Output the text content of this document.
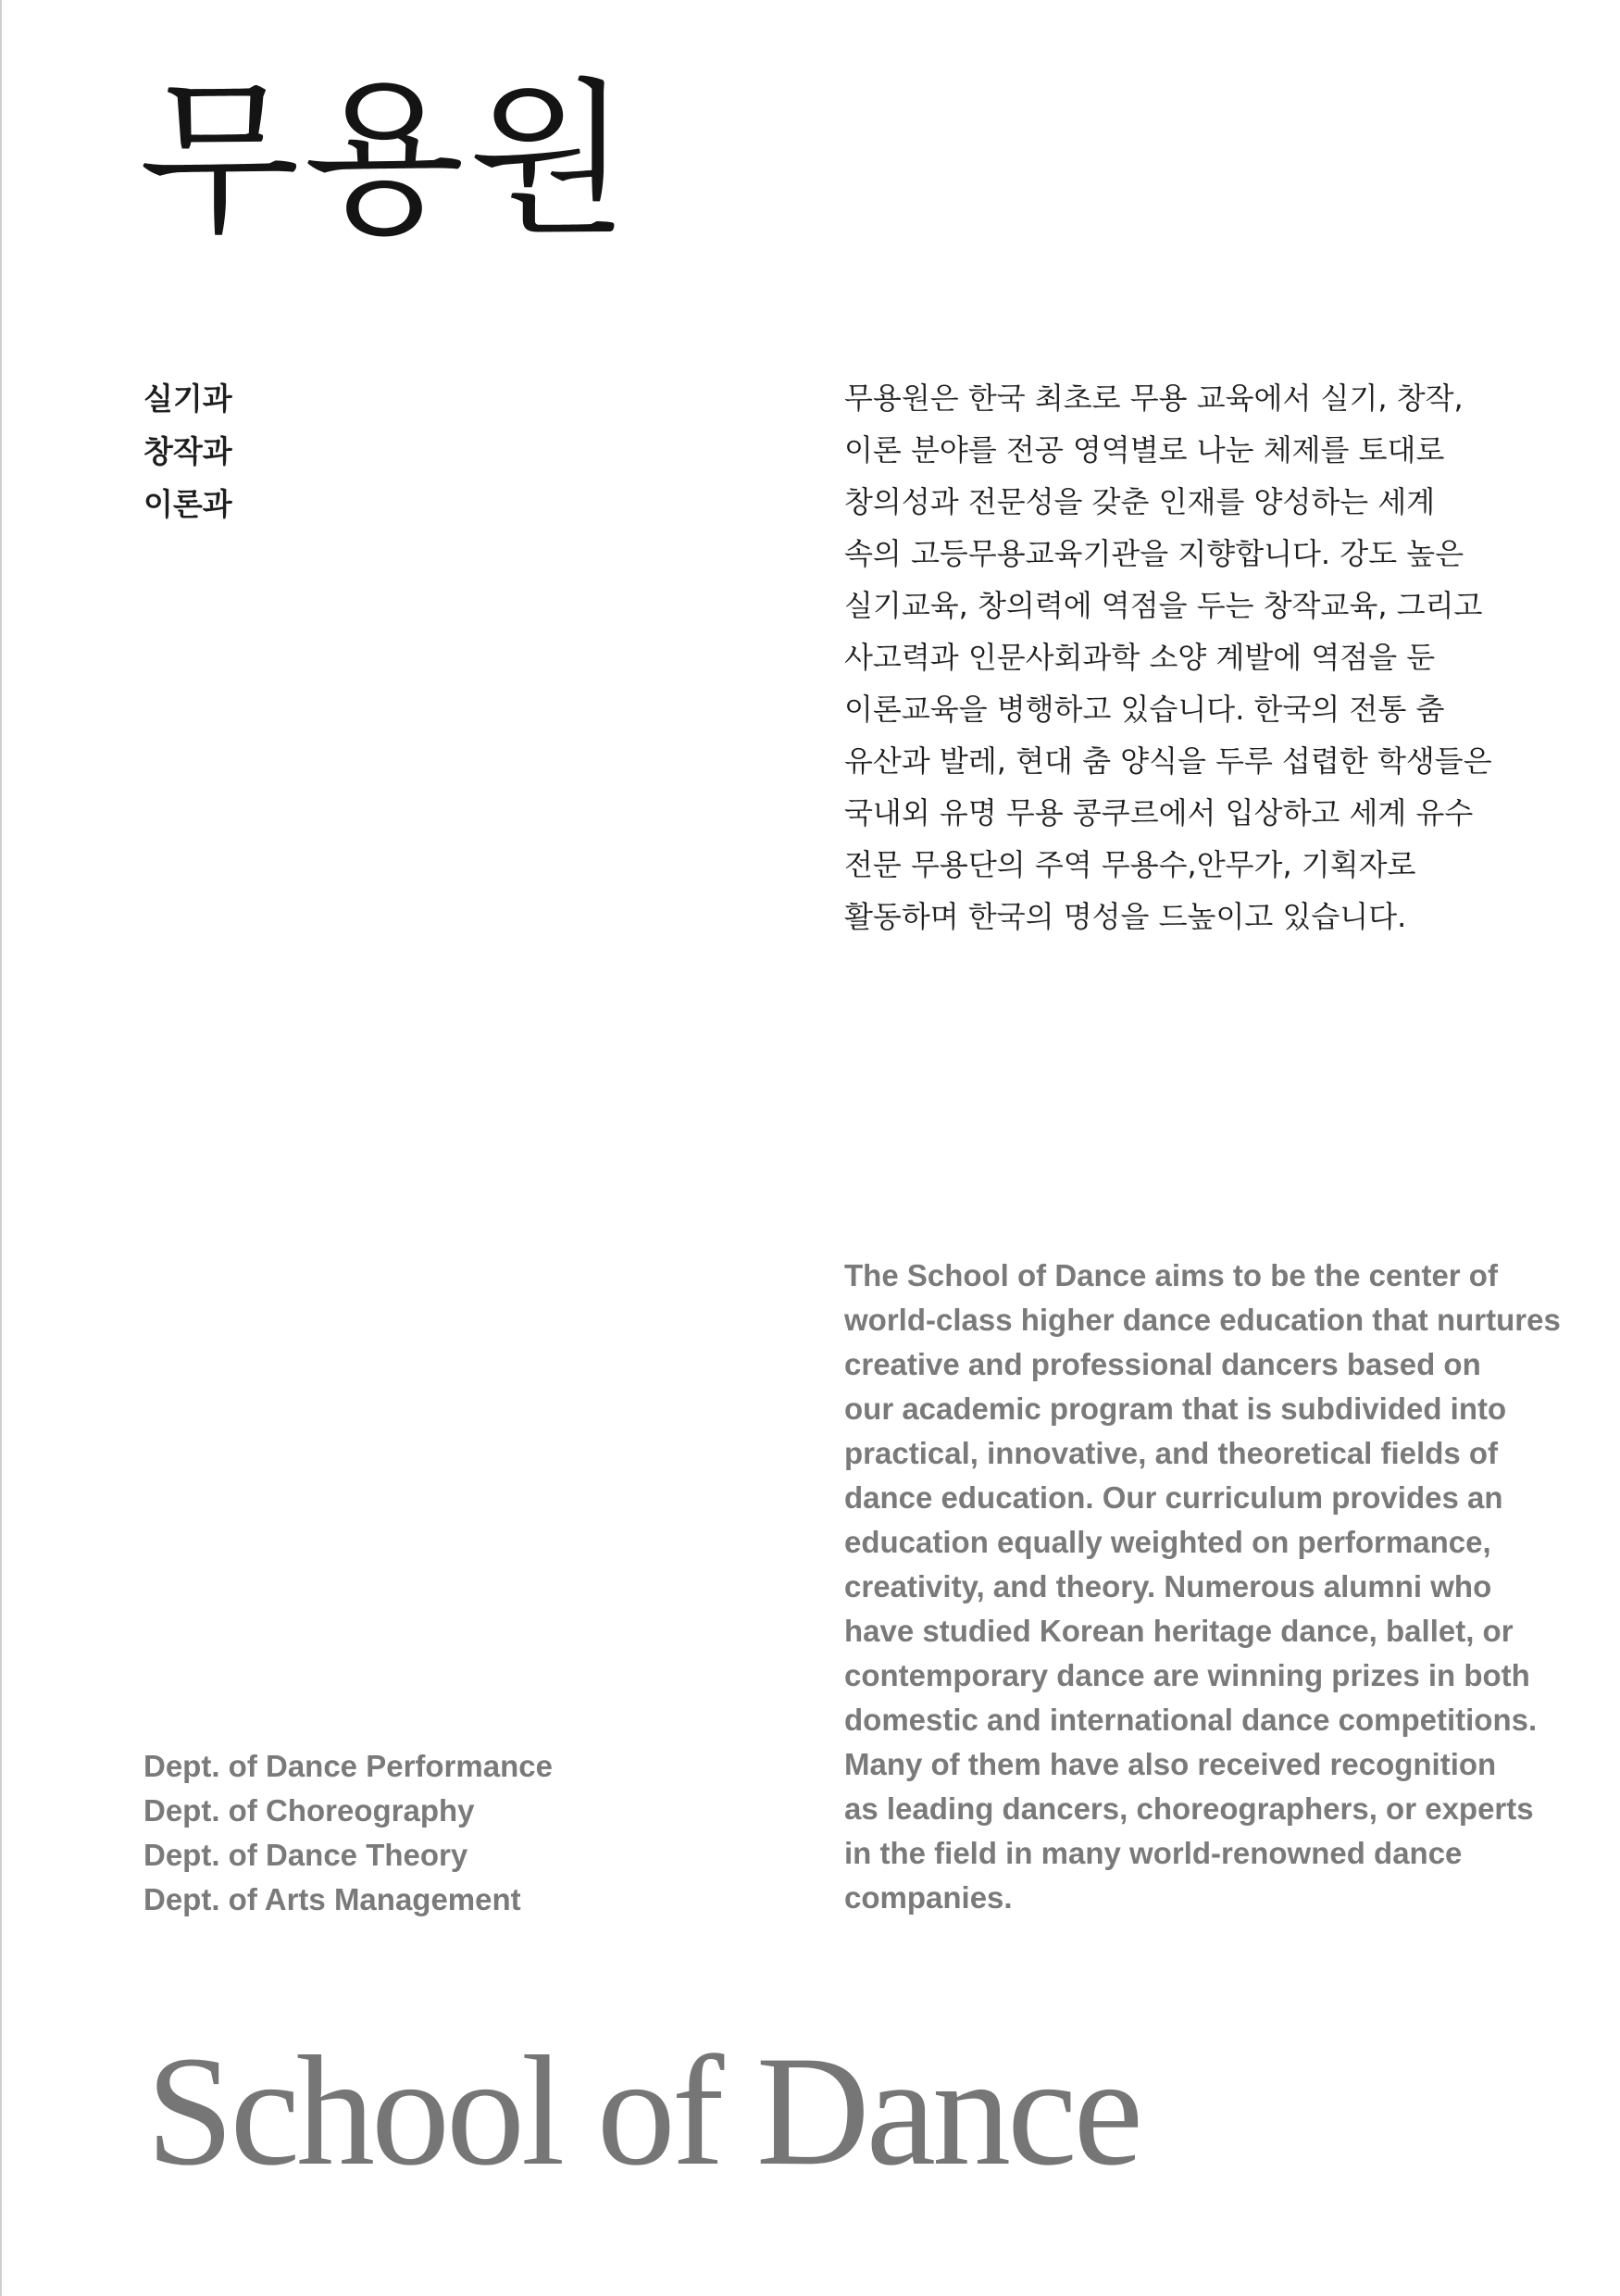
무용원
실기과
창작과
이론과

무용원은 한국 최초로 무용 교육에서 실기, 창작,
이론 분야를 전공 영역별로 나눈 체제를 토대로
창의성과 전문성을 갖춘 인재를 양성하는 세계
속의 고등무용교육기관을 지향합니다. 강도 높은
실기교육, 창의력에 역점을 두는 창작교육, 그리고
사고력과 인문사회과학 소양 계발에 역점을 둔
이론교육을 병행하고 있습니다. 한국의 전통 춤
유산과 발레, 현대 춤 양식을 두루 섭렵한 학생들은
국내외 유명 무용 콩쿠르에서 입상하고 세계 유수
전문 무용단의 주역 무용수,안무가, 기획자로
활동하며 한국의 명성을 드높이고 있습니다.

The School of Dance aims to be the center of
world-class higher dance education that nurtures
creative and professional dancers based on
our academic program that is subdivided into
practical, innovative, and theoretical fields of
dance education. Our curriculum provides an
education equally weighted on performance,
creativity, and theory. Numerous alumni who
have studied Korean heritage dance, ballet, or
contemporary dance are winning prizes in both
domestic and international dance competitions.
Many of them have also received recognition
as leading dancers, choreographers, or experts
in the field in many world-renowned dance
companies.

Dept. of Dance Performance
Dept. of Choreography
Dept. of Dance Theory
Dept. of Arts Management
School of Dance
